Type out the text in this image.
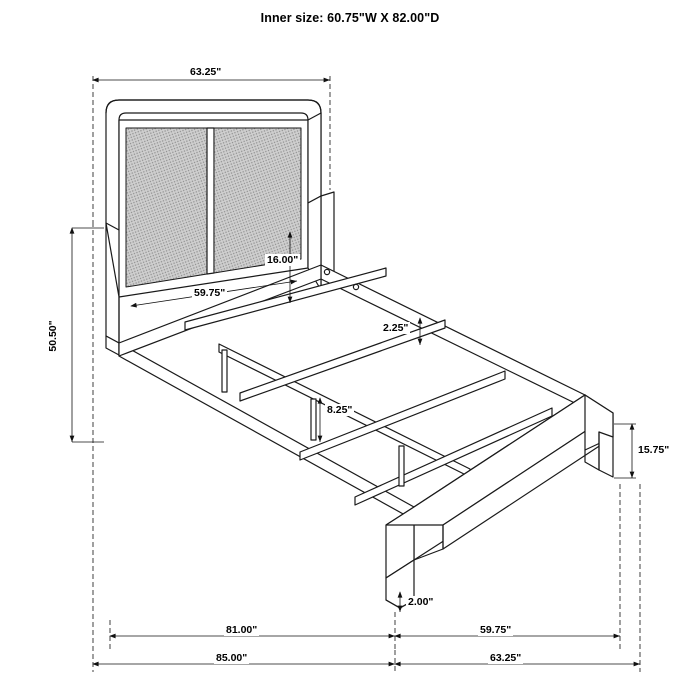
Inner size: 60.75"W X 82.00"D
63.25"
16.00"
59.75"
50.50"	2.25"
8.25"
15.75"
2.00"
81.00"	59.75"
85.00"	63.25"
